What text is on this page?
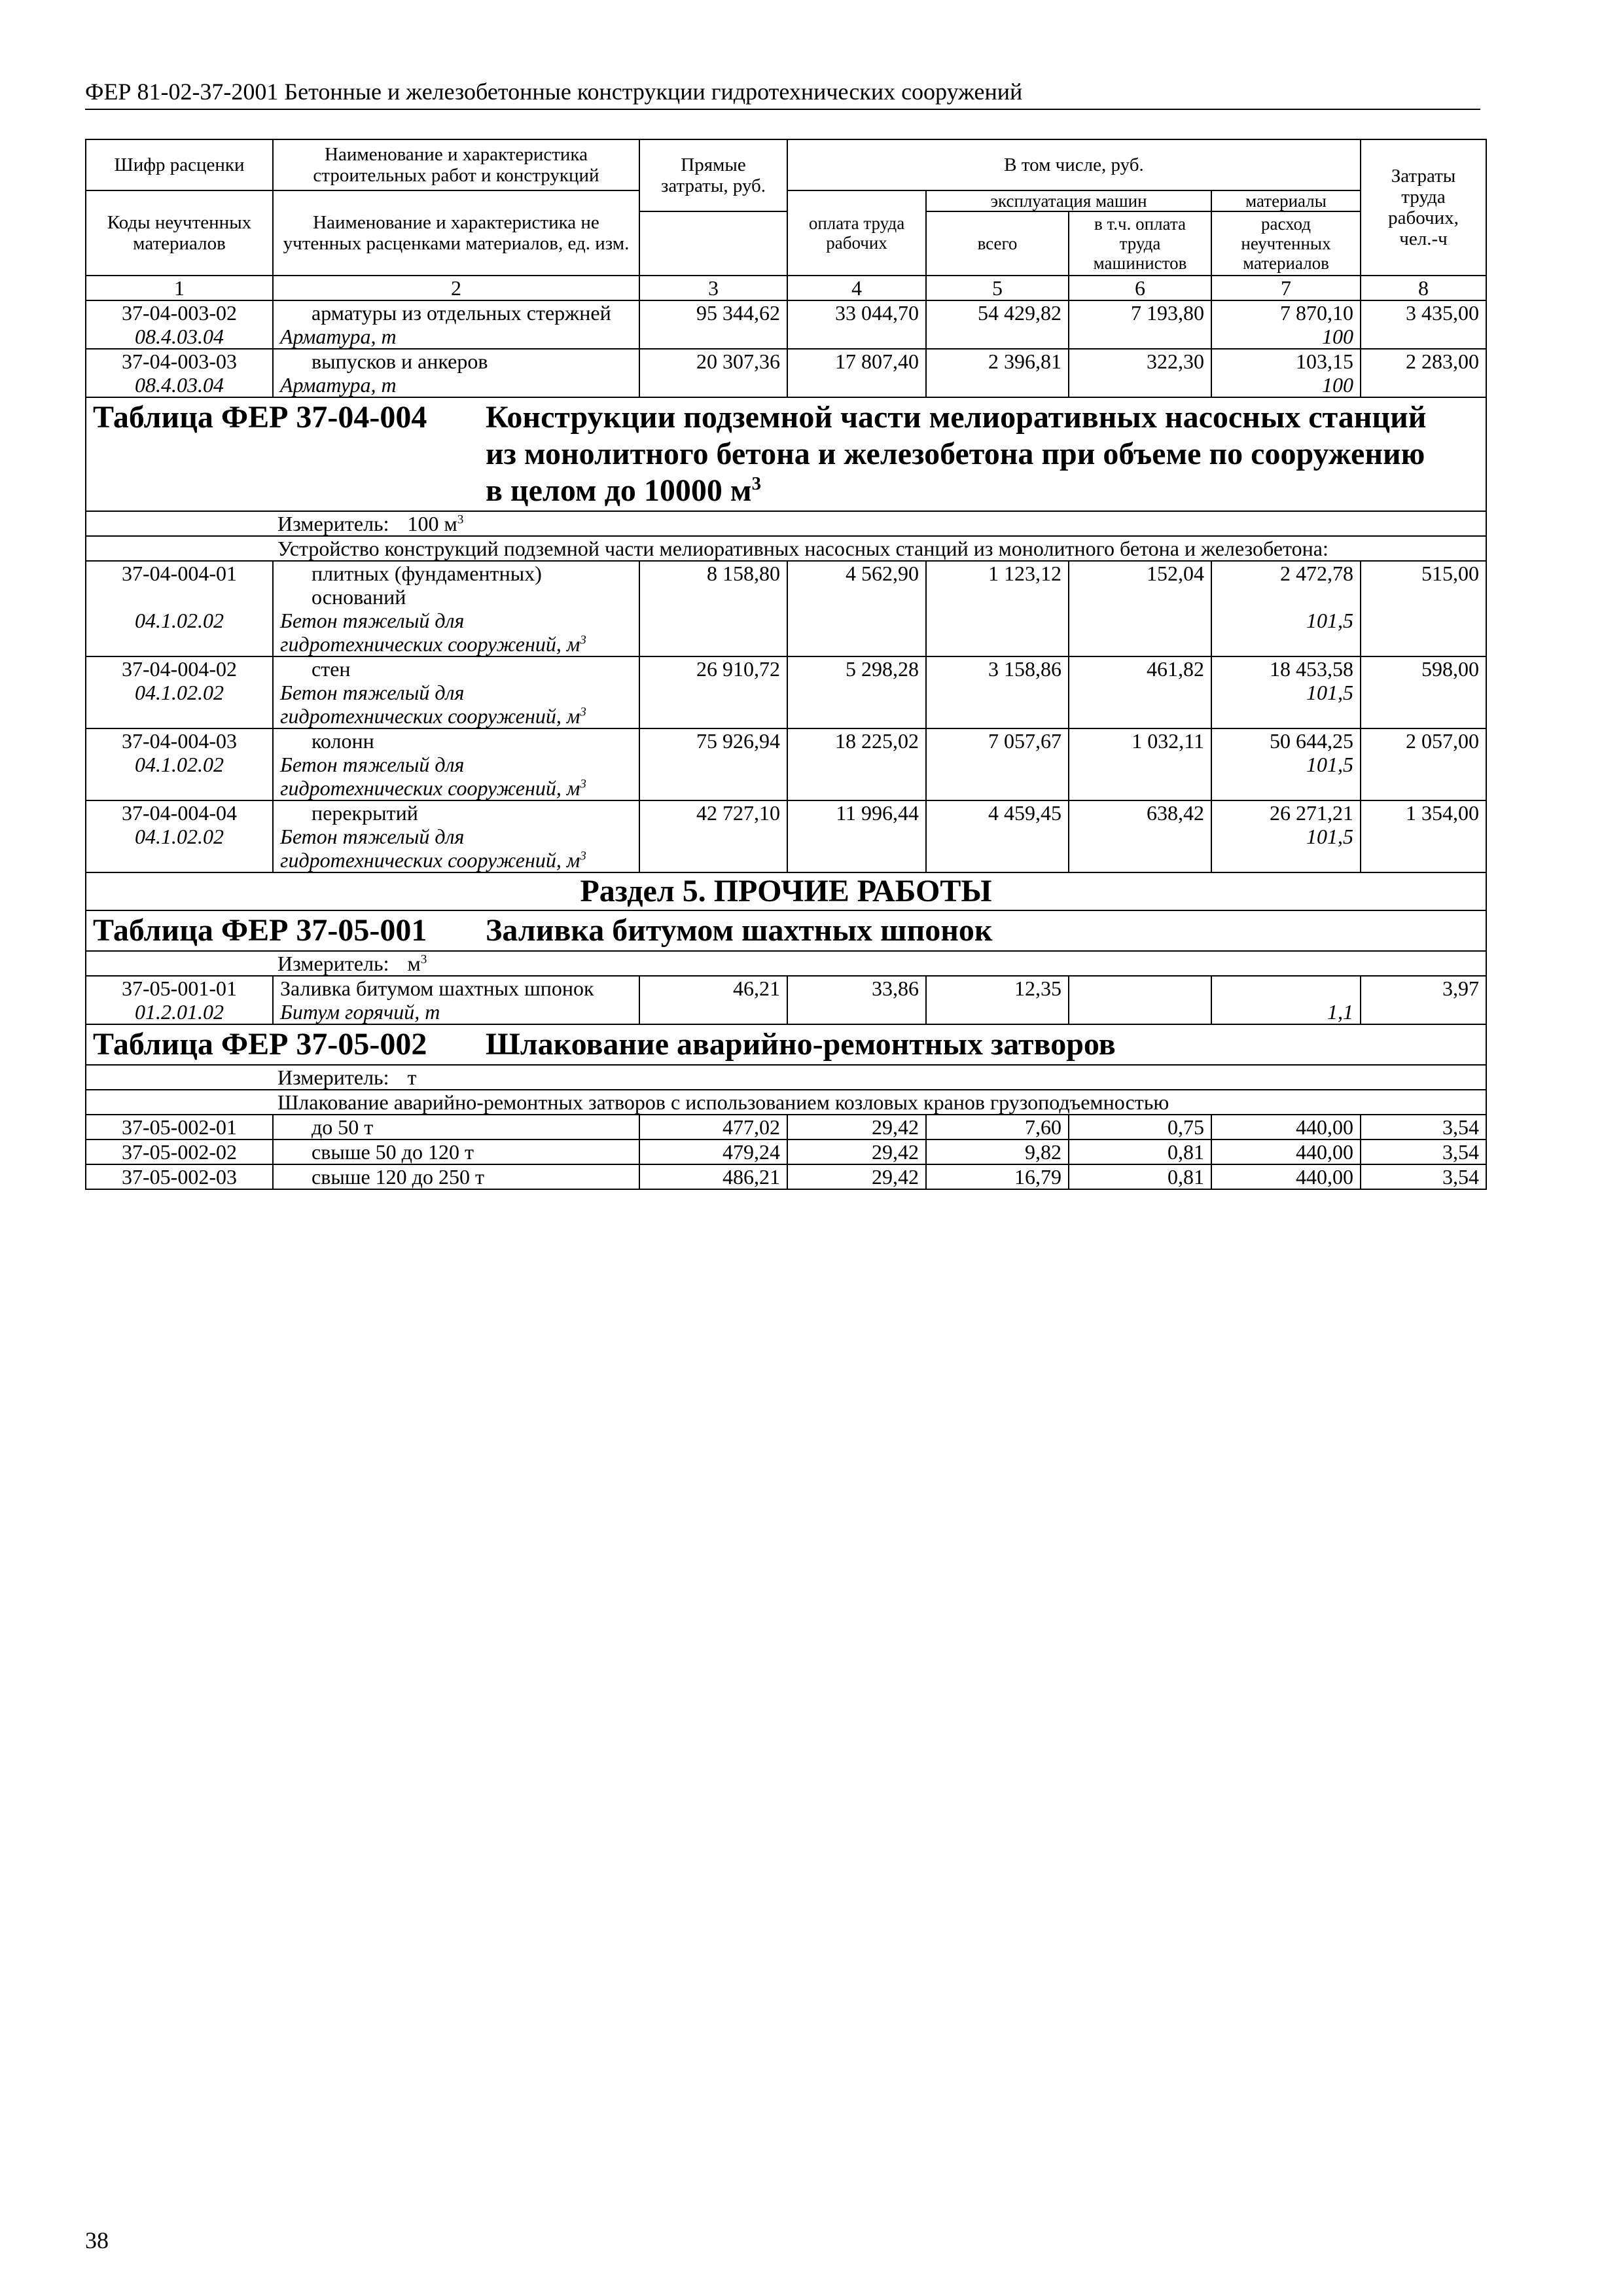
ФЕР 81-02-37-2001 Бетонные и железобетонные конструкции гидротехнических сооружений
Шифр расценки	Наименование и характеристика строительных работ и конструкций	Прямые затраты, руб.	В том числе, руб.				Затраты труда рабочих, чел.-ч
Коды неучтенных материалов	Наименование и характеристика не учтенных расценками материалов, ед. изм.						
			оплата труда рабочих	эксплуатация машин		материалы	
				всего	в т.ч. оплата труда машинистов	расход неучтенных материалов	
1	2	3	4	5	6	7	8
37-04-003-02	арматуры из отдельных стержней	95 344,62	33 044,70	54 429,82	7 193,80	7 870,10	3 435,00
08.4.03.04	Арматура, т					100	
37-04-003-03	выпусков и анкеров	20 307,36	17 807,40	2 396,81	322,30	103,15	2 283,00
08.4.03.04	Арматура, т					100	
Таблица ФЕР 37-04-004 Конструкции подземной части мелиоративных насосных станций из монолитного бетона и железобетона при объеме по сооружению в целом до 10000 $м^3$
Измеритель: 100 $м^3$
Устройство конструкций подземной части мелиоративных насосных станций из монолитного бетона и железобетона:							
37-04-004-01	плитных (фундаментных) оснований	8 158,80	4 562,90	1 123,12	152,04	2 472,78	515,00
04.1.02.02	Бетон тяжелый для
гидротехнических сооружений, $м^3$					101,5	
37-04-004-02	стен	26 910,72	5 298,28	3 158,86	461,82	18 453,58	598,00
04.1.02.02	Бетон тяжелый для
гидротехнических сооружений, $м^3$					101,5	
37-04-004-03	колонн	75 926,94	18 225,02	7 057,67	1 032,11	50 644,25	2 057,00
04.1.02.02	Бетон тяжелый для
гидротехнических сооружений, $м^3$					101,5	
37-04-004-04	перекрытий	42 727,10	11 996,44	4 459,45	638,42	26 271,21	1 354,00
04.1.02.02	Бетон тяжелый для
гидротехнических сооружений, $м^3$					101,5	
Раздел 5. ПРОЧИЕ РАБОТЫ							
Таблица ФЕР 37-05-001 Заливка битумом шахтных шпонок							
Измеритель: $м^3$
37-05-001-01	Заливка битумом шахтных шпонок	46,21	33,86	12,35			3,97
01.2.01.02	Битум горячий, т					1,1	
Таблица ФЕР 37-05-002 Шлакование аварийно-ремонтных затворов							
Измеритель: т							
Шлакование аварийно-ремонтных затворов с использованием козловых кранов грузоподъемностью							
37-05-002-01	до 50 т	477,02	29,42	7,60	0,75	440,00	3,54
37-05-002-02	свыше 50 до 120 т	479,24	29,42	9,82	0,81	440,00	3,54
37-05-002-03	свыше 120 до 250 т	486,21	29,42	16,79	0,81	440,00	3,54
38
